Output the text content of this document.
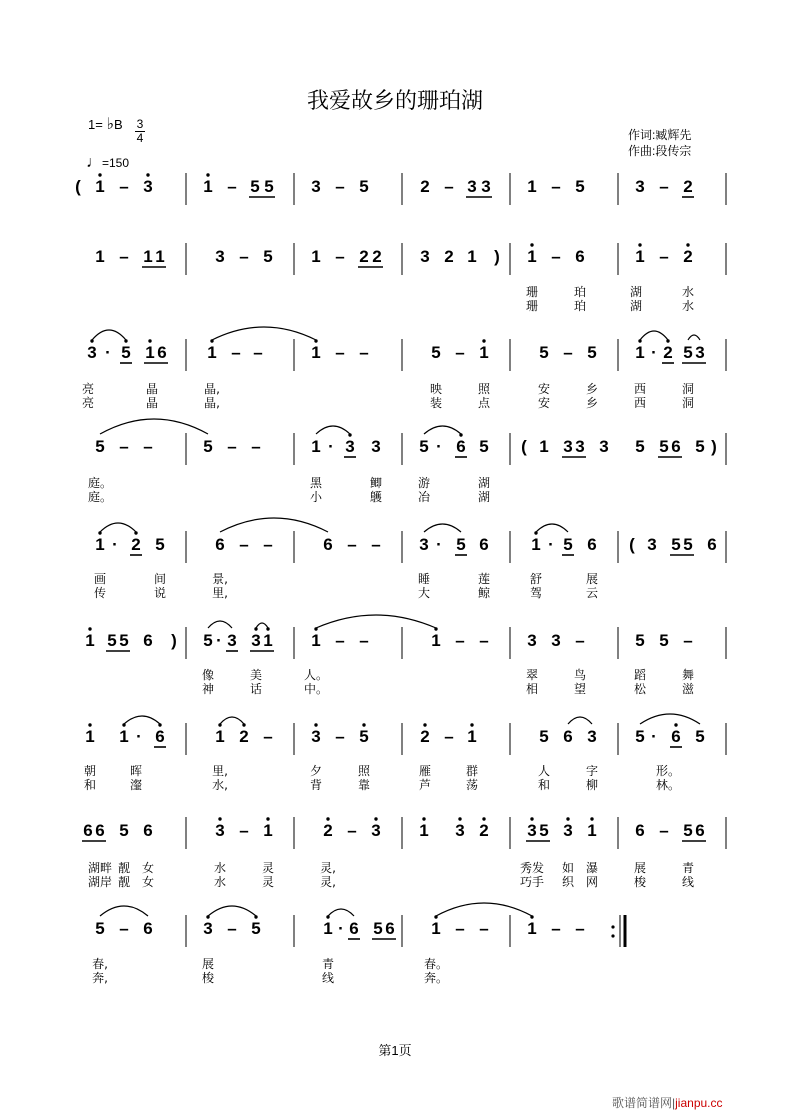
我爱故乡的珊珀湖
1= ♭B 3
4
♩=150
作词:臧辉先
作曲:段传宗
( 1 – 3	1 – 5 5 3 – 5	2 – 3 3 1 – 5	3 – 2
1 – 1 1	3 – 5 1 – 2 2 3 2 1 ) 1 – 6	1 – 2
3 · 5 1 6 1 – –	1 – –	5 – 1	5 – 5 1 · 2 5 3
5 – –	5 – –	1 · 3 3 5 · 6 5 ( 1 3 3 3 5 5 6 5 )
1 · 2 5	6 – –	6 – – 3 · 5 6	1 · 5 6 ( 3 5 5 6
1 5 5 6 ) 5 · 3 3 1 1 – –	1 – – 3 3 –	5 5 –
1 1 · 6	1 2 – 3 – 5	2 – 1	5 6 3 5 · 6 5
6 6 5 6	3 – 1	2 – 3 1 3 2 3 5 3 1 6 – 5 6
5 – 6	3 – 5	1 · 6 5 6 1 – – 1 – –
珊	珀	湖	水
珊	珀	湖	水
亮	晶	晶,	映	照	安	乡	西	洞
亮	晶	晶,	装	点	安	乡	西	洞
庭。	黑	鲫	游	湖
庭。	小	鸌	冶	湖
画	间	景,	睡	莲	舒	展
传	说	里,	大	鲸	驾	云
像	美	人。	翠	鸟	蹈	舞
神	话	中。	相	望	松	滋
朝	晖	里,	夕	照	雁	群	人	字	形。
和	瀣	水,	背	靠	芦	荡	和	柳	林。
湖畔 靓 女	水	灵	灵,	秀发 如 瀑	展	青
湖岸 靓 女	水	灵	灵,	巧手 织 网	梭	线
春,	展	青	春。
奔,	梭	线	奔。
第1页
歌谱简谱网|jianpu.cc
